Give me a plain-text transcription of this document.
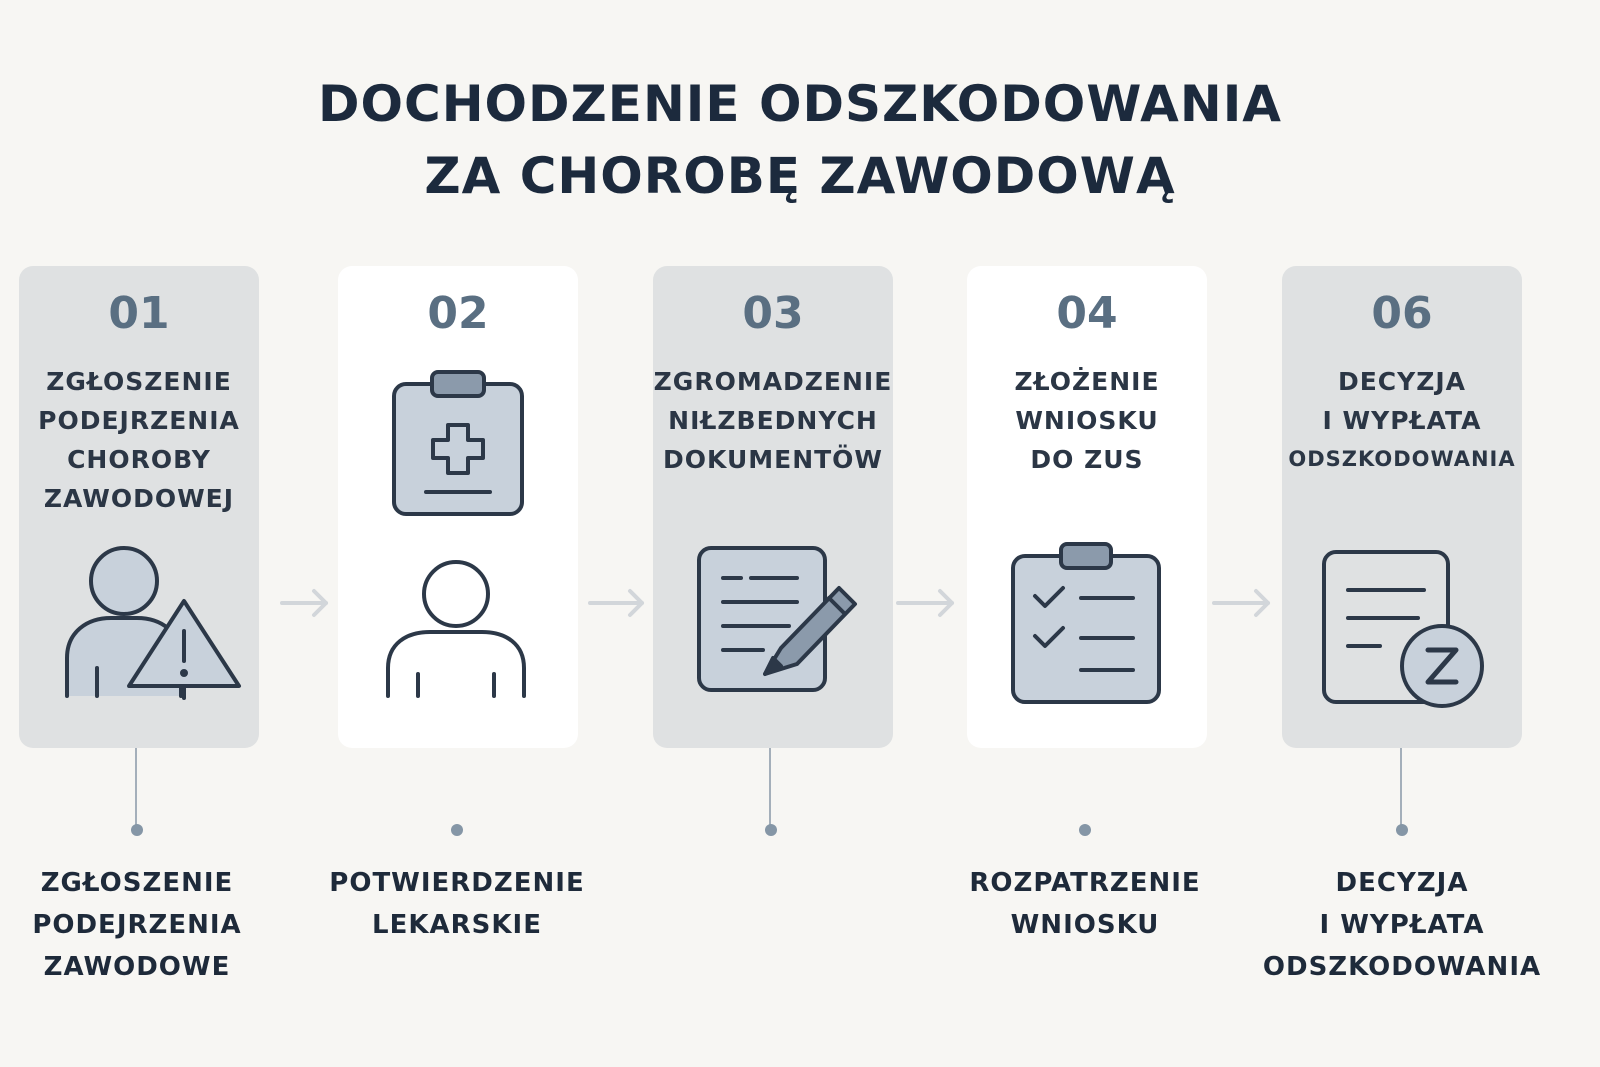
DOCHODZENIE ODSZKODOWANIA
ZA CHOROBĘ ZAWODOWĄ
01
ZGŁOSZENIE
PODEJRZENIA
CHOROBY
ZAWODOWEJ
02	03
ZGROMADZENIE
NIŁZBEDNYCH
DOKUMENTÖW
04
ZŁOŻENIE
WNIOSKU
DO ZUS
06
DECYZJA
I WYPŁATA
ODSZKODOWANIA
ZGŁOSZENIE
PODEJRZENIA
ZAWODOWE
POTWIERDZENIE
LEKARSKIE
ROZPATRZENIE
WNIOSKU
DECYZJA
I WYPŁATA
ODSZKODOWANIA
